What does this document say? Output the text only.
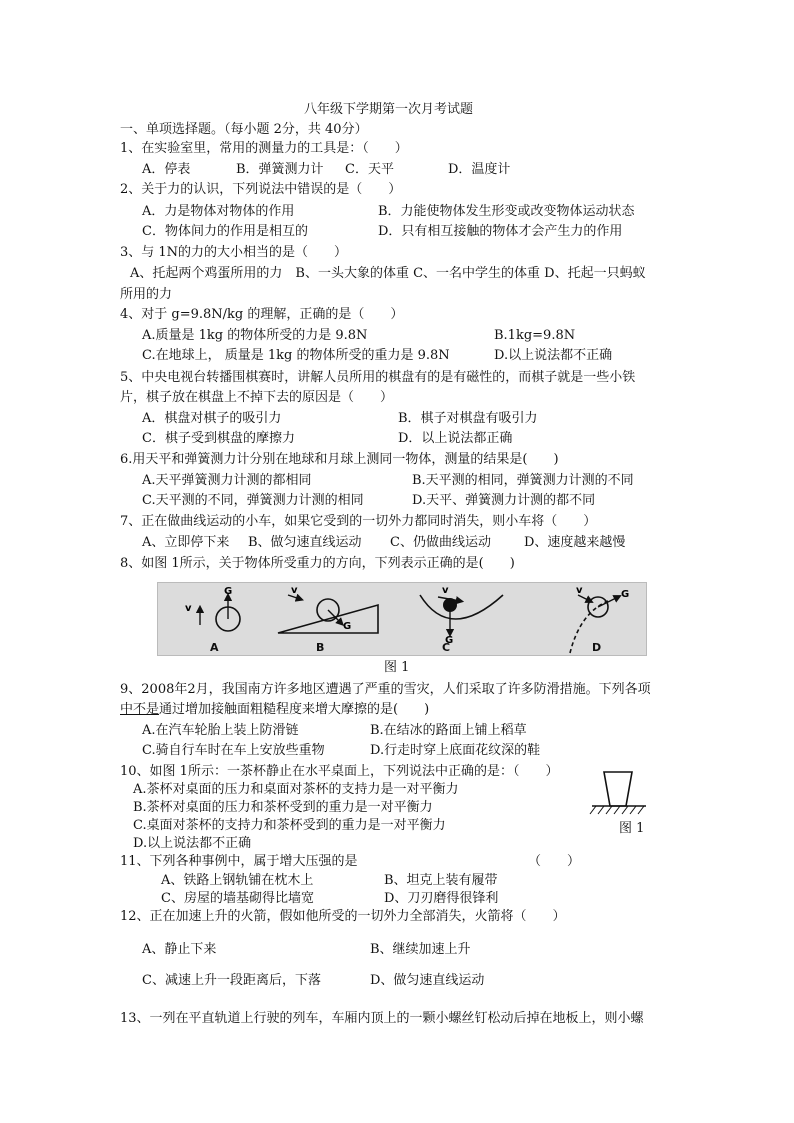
八年级下学期第一次月考试题
一、单项选择题。（每小题 2分，共 40分）
1、在实验室里，常用的测量力的工具是：（　　）
A．停表	B．弹簧测力计 C．天平	D．温度计
2、关于力的认识，下列说法中错误的是（　　）
A．力是物体对物体的作用	B．力能使物体发生形变或改变物体运动状态
C．物体间力的作用是相互的	D．只有相互接触的物体才会产生力的作用
3、与 1N的力的大小相当的是（　　）
A、托起两个鸡蛋所用的力　B、一头大象的体重 C、一名中学生的体重 D、托起一只蚂蚁
所用的力
4、对于 g=9.8N/kg 的理解，正确的是（　　）
A.质量是 1kg 的物体所受的力是 9.8N	B.1kg=9.8N
C.在地球上， 质量是 1kg 的物体所受的重力是 9.8N	D.以上说法都不正确
5、中央电视台转播围棋赛时，讲解人员所用的棋盘有的是有磁性的，而棋子就是一些小铁
片，棋子放在棋盘上不掉下去的原因是（　　）
A．棋盘对棋子的吸引力	B．棋子对棋盘有吸引力
C．棋子受到棋盘的摩擦力	D．以上说法都正确
6.用天平和弹簧测力计分别在地球和月球上测同一物体，测量的结果是(　　)
A.天平弹簧测力计测的都相同	B.天平测的相同，弹簧测力计测的不同
C.天平测的不同，弹簧测力计测的相同	D.天平、弹簧测力计测的都不同
7、正在做曲线运动的小车，如果它受到的一切外力都同时消失，则小车将（　　）
A、立即停下来 B、做匀速直线运动 C、仍做曲线运动	D、速度越来越慢
8、如图 1所示，关于物体所受重力的方向，下列表示正确的是(　　)
v
G	v
G
v
G
v	G
A	B	C	D
图 1
9、2008年2月，我国南方许多地区遭遇了严重的雪灾，人们采取了许多防滑措施。下列各项
中不是通过增加接触面粗糙程度来增大摩擦的是(　　)
A.在汽车轮胎上装上防滑链	B.在结冰的路面上铺上稻草
C.骑自行车时在车上安放些重物	D.行走时穿上底面花纹深的鞋
10、如图 1所示：一茶杯静止在水平桌面上，下列说法中正确的是：（　　）
A.茶杯对桌面的压力和桌面对茶杯的支持力是一对平衡力
B.茶杯对桌面的压力和茶杯受到的重力是一对平衡力
C.桌面对茶杯的支持力和茶杯受到的重力是一对平衡力
D.以上说法都不正确
图 1
11、下列各种事例中，属于增大压强的是	（　　）
A、铁路上钢轨铺在枕木上	B、坦克上装有履带
C、房屋的墙基砌得比墙宽	D、刀刃磨得很锋利
12、正在加速上升的火箭，假如他所受的一切外力全部消失，火箭将（　　）
A、静止下来	B、继续加速上升
C、减速上升一段距离后，下落	D、做匀速直线运动
13、一列在平直轨道上行驶的列车，车厢内顶上的一颗小螺丝钉松动后掉在地板上，则小螺
